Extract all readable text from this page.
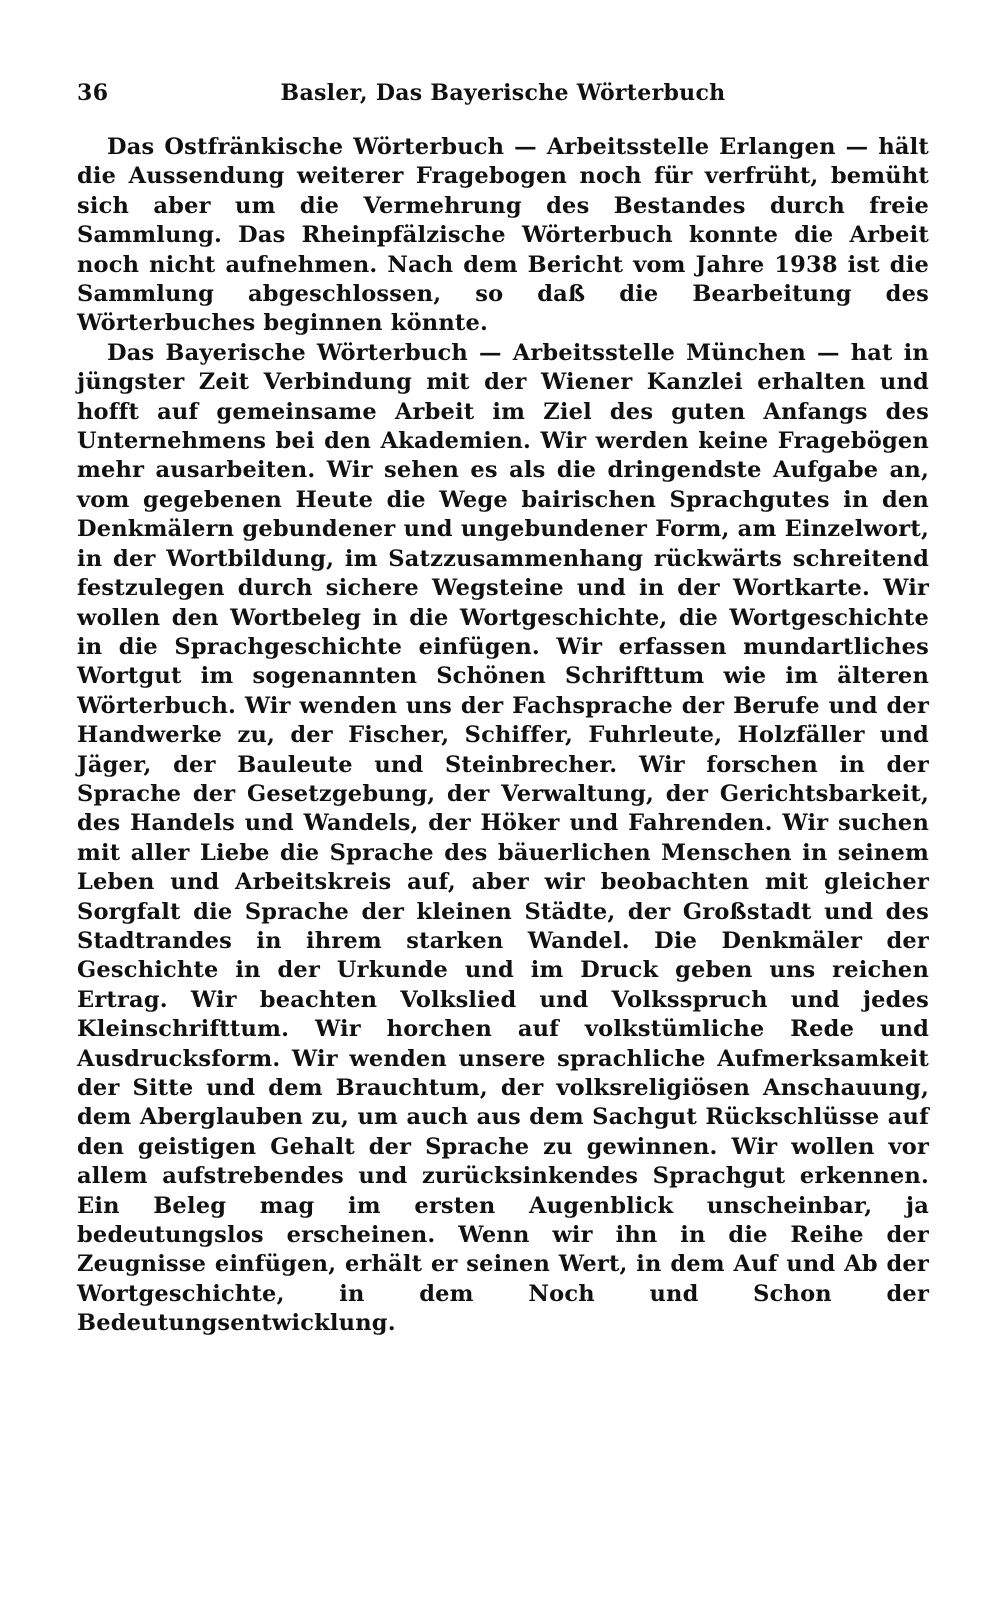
36	Basler, Das Bayerische Wörterbuch

Das Ostfränkische Wörterbuch — Arbeitsstelle Erlangen — hält die Aussendung weiterer Fragebogen noch für verfrüht, bemüht sich aber um die Vermehrung des Bestandes durch freie Sammlung. Das Rheinpfälzische Wörterbuch konnte die Arbeit noch nicht aufnehmen. Nach dem Bericht vom Jahre 1938 ist die Sammlung abgeschlossen, so daß die Bearbeitung des Wörterbuches beginnen könnte.

Das Bayerische Wörterbuch — Arbeitsstelle München — hat in jüngster Zeit Verbindung mit der Wiener Kanzlei erhalten und hofft auf gemeinsame Arbeit im Ziel des guten Anfangs des Unternehmens bei den Akademien. Wir werden keine Fragebögen mehr ausarbeiten. Wir sehen es als die dringendste Aufgabe an, vom gegebenen Heute die Wege bairischen Sprachgutes in den Denkmälern gebundener und ungebundener Form, am Einzelwort, in der Wortbildung, im Satzzusammenhang rückwärts schreitend festzulegen durch sichere Wegsteine und in der Wortkarte. Wir wollen den Wortbeleg in die Wortgeschichte, die Wortgeschichte in die Sprachgeschichte einfügen. Wir erfassen mundartliches Wortgut im sogenannten Schönen Schrifttum wie im älteren Wörterbuch. Wir wenden uns der Fachsprache der Berufe und der Handwerke zu, der Fischer, Schiffer, Fuhrleute, Holzfäller und Jäger, der Bauleute und Steinbrecher. Wir forschen in der Sprache der Gesetzgebung, der Verwaltung, der Gerichtsbarkeit, des Handels und Wandels, der Höker und Fahrenden. Wir suchen mit aller Liebe die Sprache des bäuerlichen Menschen in seinem Leben und Arbeitskreis auf, aber wir beobachten mit gleicher Sorgfalt die Sprache der kleinen Städte, der Großstadt und des Stadtrandes in ihrem starken Wandel. Die Denkmäler der Geschichte in der Urkunde und im Druck geben uns reichen Ertrag. Wir beachten Volkslied und Volksspruch und jedes Kleinschrifttum. Wir horchen auf volkstümliche Rede und Ausdrucksform. Wir wenden unsere sprachliche Aufmerksamkeit der Sitte und dem Brauchtum, der volksreligiösen Anschauung, dem Aberglauben zu, um auch aus dem Sachgut Rückschlüsse auf den geistigen Gehalt der Sprache zu gewinnen. Wir wollen vor allem aufstrebendes und zurücksinkendes Sprachgut erkennen. Ein Beleg mag im ersten Augenblick unscheinbar, ja bedeutungslos erscheinen. Wenn wir ihn in die Reihe der Zeugnisse einfügen, erhält er seinen Wert, in dem Auf und Ab der Wortgeschichte, in dem Noch und Schon der Bedeutungsentwicklung.
